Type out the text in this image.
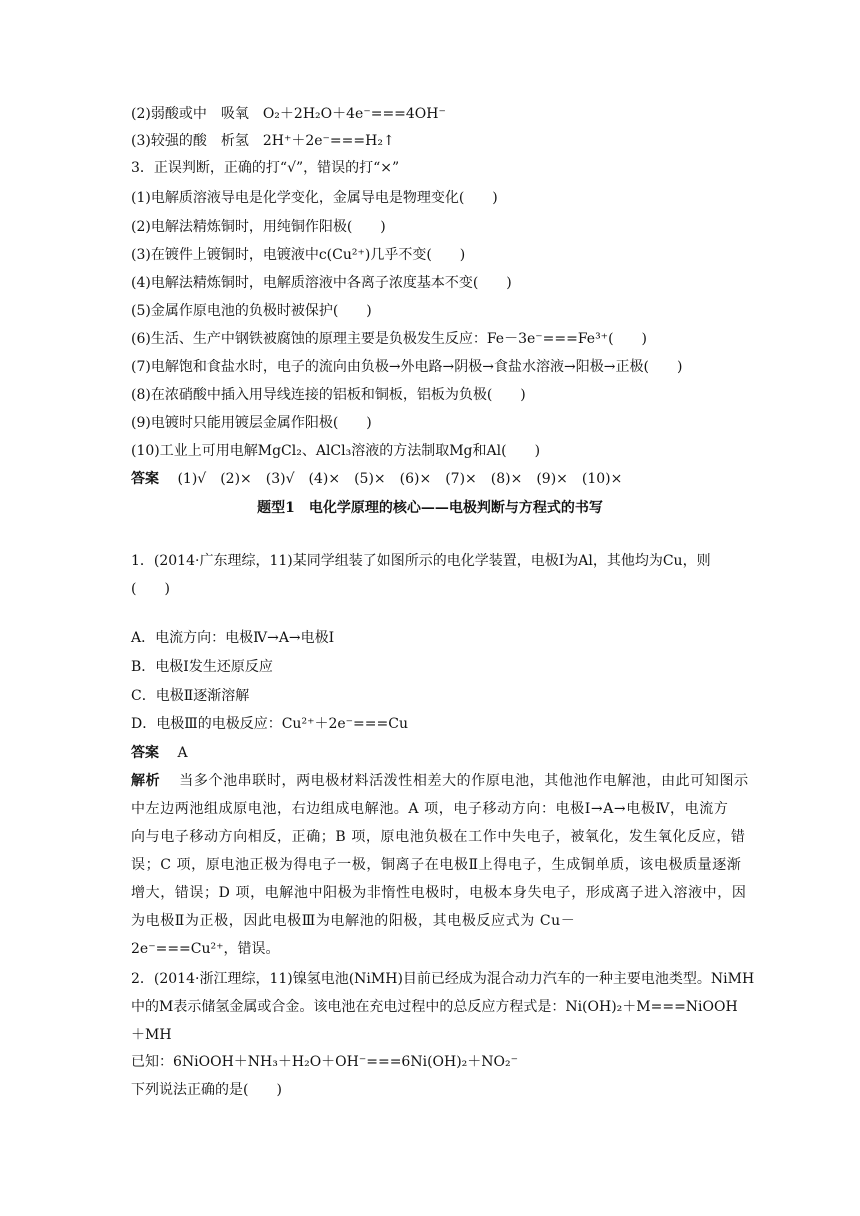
(2)弱酸或中　吸氧　O₂＋2H₂O＋4e⁻===4OH⁻
(3)较强的酸　析氢　2H⁺＋2e⁻===H₂↑
3．正误判断，正确的打“√”，错误的打“×”
(1)电解质溶液导电是化学变化，金属导电是物理变化(　　)
(2)电解法精炼铜时，用纯铜作阳极(　　)
(3)在镀件上镀铜时，电镀液中c(Cu²⁺)几乎不变(　　)
(4)电解法精炼铜时，电解质溶液中各离子浓度基本不变(　　)
(5)金属作原电池的负极时被保护(　　)
(6)生活、生产中钢铁被腐蚀的原理主要是负极发生反应：Fe－3e⁻===Fe³⁺(　　)
(7)电解饱和食盐水时，电子的流向由负极→外电路→阴极→食盐水溶液→阳极→正极(　　)
(8)在浓硝酸中插入用导线连接的铝板和铜板，铝板为负极(　　)
(9)电镀时只能用镀层金属作阳极(　　)
(10)工业上可用电解MgCl₂、AlCl₃溶液的方法制取Mg和Al(　　)
答案 (1)√　(2)×　(3)√　(4)×　(5)×　(6)×　(7)×　(8)×　(9)×　(10)×
题型1　电化学原理的核心——电极判断与方程式的书写
1．(2014·广东理综，11)某同学组装了如图所示的电化学装置，电极Ⅰ为Al，其他均为Cu，则
(　　)
A．电流方向：电极Ⅳ→A→电极Ⅰ
B．电极Ⅰ发生还原反应
C．电极Ⅱ逐渐溶解
D．电极Ⅲ的电极反应：Cu²⁺＋2e⁻===Cu
答案 A
解析 当多个池串联时，两电极材料活泼性相差大的作原电池，其他池作电解池，由此可知图示
中左边两池组成原电池，右边组成电解池。A 项，电子移动方向：电极Ⅰ→A→电极Ⅳ，电流方
向与电子移动方向相反，正确；B 项，原电池负极在工作中失电子，被氧化，发生氧化反应，错
误；C 项，原电池正极为得电子一极，铜离子在电极Ⅱ上得电子，生成铜单质，该电极质量逐渐
增大，错误；D 项，电解池中阳极为非惰性电极时，电极本身失电子，形成离子进入溶液中，因
为电极Ⅱ为正极，因此电极Ⅲ为电解池的阳极，其电极反应式为 Cu－
2e⁻===Cu²⁺，错误。
2．(2014·浙江理综，11)镍氢电池(NiMH)目前已经成为混合动力汽车的一种主要电池类型。NiMH
中的M表示储氢金属或合金。该电池在充电过程中的总反应方程式是：Ni(OH)₂＋M===NiOOH
＋MH
已知：6NiOOH＋NH₃＋H₂O＋OH⁻===6Ni(OH)₂＋NO₂⁻
下列说法正确的是(　　)
